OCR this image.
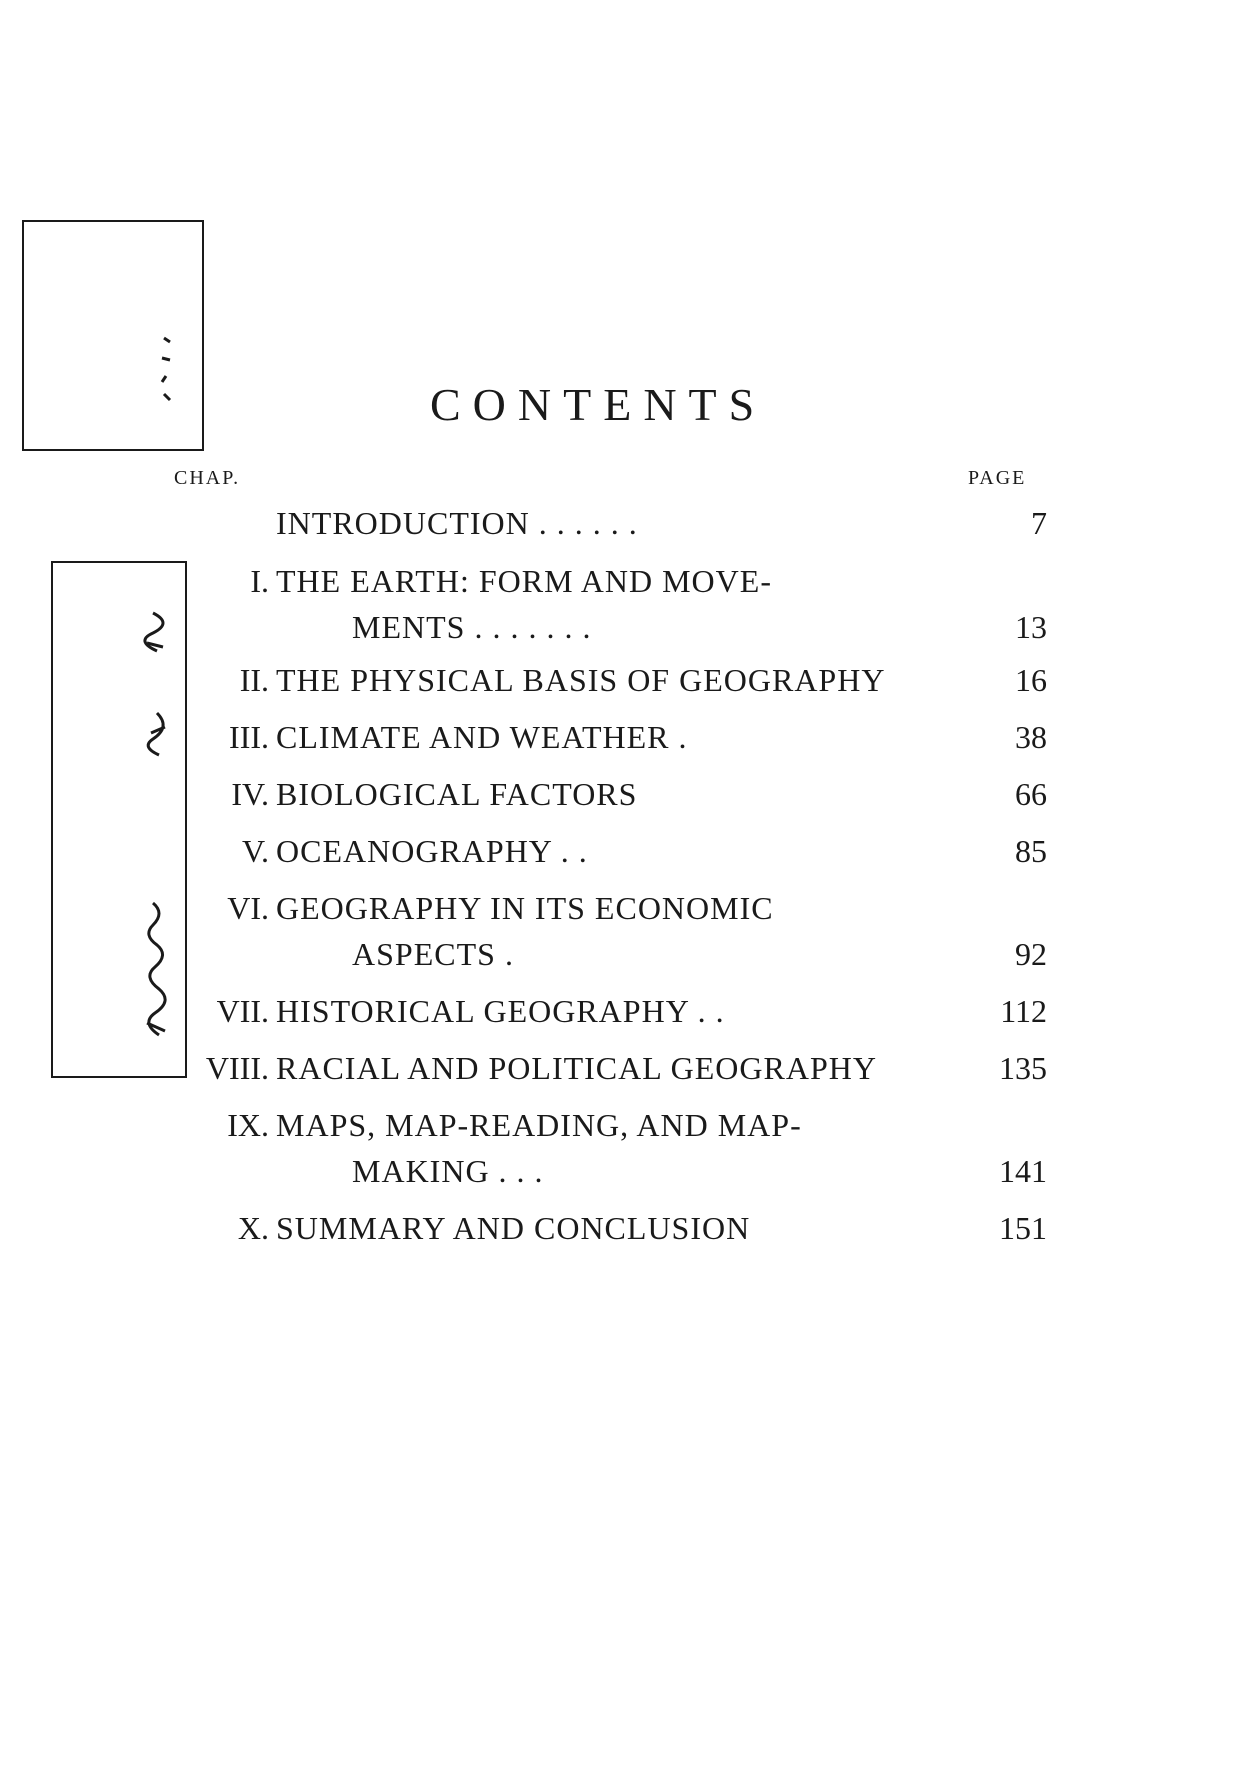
CONTENTS
CHAP.	PAGE
INTRODUCTION . . . . . .	7
I. THE EARTH: FORM AND MOVE-
MENTS . . . . . . .	13
II. THE PHYSICAL BASIS OF GEOGRAPHY	16
III. CLIMATE AND WEATHER .	38
IV. BIOLOGICAL FACTORS	66
V. OCEANOGRAPHY . .	85
VI. GEOGRAPHY IN ITS ECONOMIC
ASPECTS .	92
VII. HISTORICAL GEOGRAPHY . .	112
VIII. RACIAL AND POLITICAL GEOGRAPHY	135
IX. MAPS, MAP-READING, AND MAP-
MAKING . . .	141
X. SUMMARY AND CONCLUSION	151
